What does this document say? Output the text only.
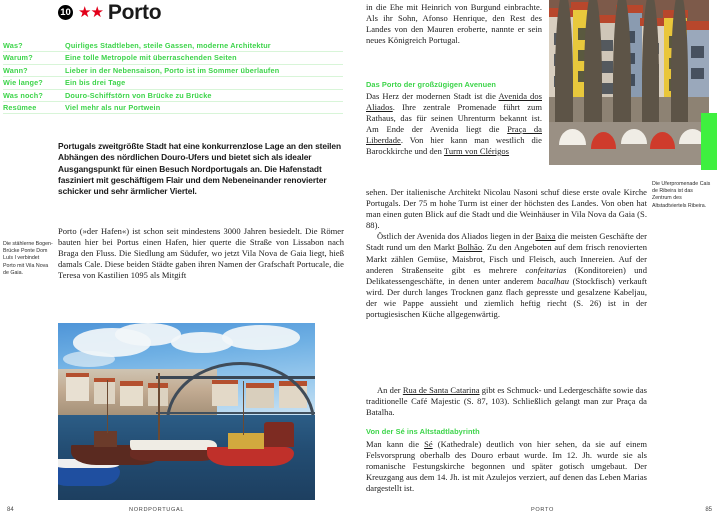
10 ★★ Porto
Was?	Quirliges Stadtleben, steile Gassen, moderne Architektur
Warum?	Eine tolle Metropole mit überraschenden Seiten
Wann?	Lieber in der Nebensaison, Porto ist im Sommer überlaufen
Wie lange?	Ein bis drei Tage
Was noch?	Douro-Schiffstörn von Brücke zu Brücke
Resümee	Viel mehr als nur Portwein
Portugals zweitgrößte Stadt hat eine konkurrenzlose Lage an den steilen Abhängen des nördlichen Douro-Ufers und bietet sich als idealer Ausgangspunkt für einen Besuch Nordportugals an. Die Hafenstadt fasziniert mit geschäftigem Flair und dem Nebeneinander renovierter schicker und sehr ärmlicher Viertel.
Porto (»der Hafen«) ist schon seit mindestens 3000 Jahren besiedelt. Die Römer bauten hier bei Portus einen Hafen, hier querte die Straße von Lissabon nach Braga den Fluss. Die Siedlung am Südufer, wo jetzt Vila Nova de Gaia liegt, hieß damals Cale. Diese beiden Städte gaben ihren Namen der Grafschaft Portucale, die Teresa von Kastilien 1095 als Mitgift
Die stählerne Bogen-Brücke Ponte Dom Luís I verbindet Porto mit Vila Nova de Gaia.
in die Ehe mit Heinrich von Burgund einbrachte. Als ihr Sohn, Afonso Henrique, den Rest des Landes von den Mauren eroberte, nannte er sein neues Königreich Portugal.
Das Porto der großzügigen Avenuen
Das Herz der modernen Stadt ist die Avenida dos Aliados. Ihre zentrale Promenade führt zum Rathaus, das für seinen Uhrenturm bekannt ist. Am Ende der Avenida liegt die Praça da Liberdade. Von hier kann man westlich die Barockkirche und den Turm von Clérigos
sehen. Der italienische Architekt Nicolau Nasoni schuf diese erste ovale Kirche Portugals. Der 75 m hohe Turm ist einer der höchsten des Landes. Von oben hat man einen guten Blick auf die Stadt und die Weinhäuser in Vila Nova da Gaia (S. 88).
Östlich der Avenida dos Aliados liegen in der Baixa die meisten Geschäfte der Stadt rund um den Markt Bolhão. Zu den Angeboten auf dem frisch renovierten Markt zählen Gemüse, Maisbrot, Fisch und Fleisch, auch Innereien. Auf der anderen Straßenseite gibt es mehrere confeitarias (Konditoreien) und Delikatessengeschäfte, in denen unter anderem bacalhau (Stockfisch) verkauft wird. Der durch langes Trocknen ganz flach gepresste und gesalzene Kabeljau, der wie Pappe aussieht und ziemlich heftig riecht (S. 26) ist in der portugiesischen Küche allgegenwärtig.
An der Rua de Santa Catarina gibt es Schmuck- und Ledergeschäfte sowie das traditionelle Café Majestic (S. 87, 103). Schließlich gelangt man zur Praça da Batalha.
Von der Sé ins Altstadtlabyrinth
Man kann die Sé (Kathedrale) deutlich von hier sehen, da sie auf einem Felsvorsprung oberhalb des Douro erbaut wurde. Im 12. Jh. wurde sie als romanische Festungskirche begonnen und später gotisch umgebaut. Der Kreuzgang aus dem 14. Jh. ist mit Azulejos verziert, auf denen das Leben Marias dargestellt ist.
Die Uferpromenade Cais de Ribeira ist das Zentrum des Altstadtviertels Ribeira.
84	NORDPORTUGAL	PORTO	85
